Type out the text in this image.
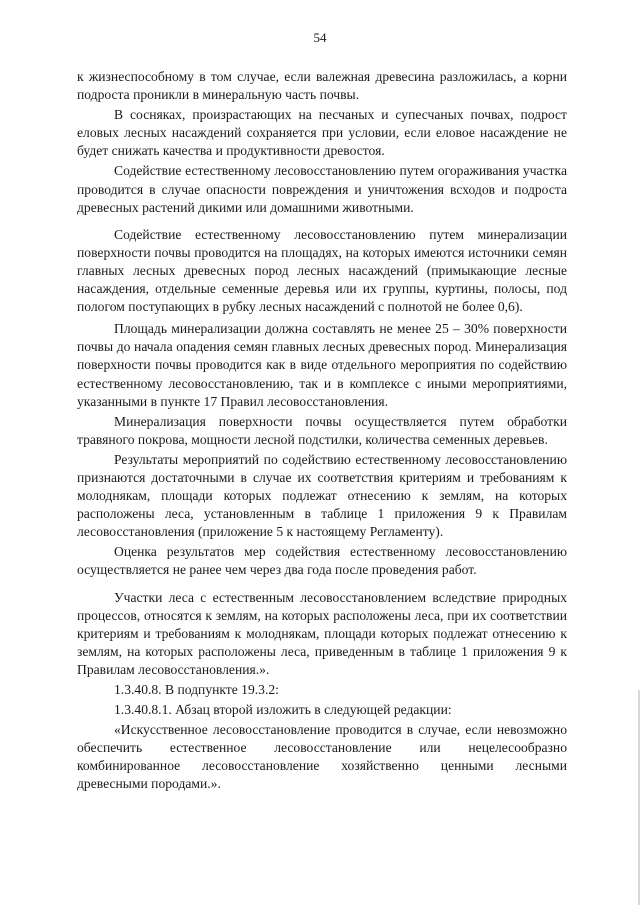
54

к жизнеспособному в том случае, если валежная древесина разложилась, а корни подроста проникли в минеральную часть почвы.

В сосняках, произрастающих на песчаных и супесчаных почвах, подрост еловых лесных насаждений сохраняется при условии, если еловое насаждение не будет снижать качества и продуктивности древостоя.

Содействие естественному лесовосстановлению путем огораживания участка проводится в случае опасности повреждения и уничтожения всходов и подроста древесных растений дикими или домашними животными.

Содействие естественному лесовосстановлению путем минерализации поверхности почвы проводится на площадях, на которых имеются источники семян главных лесных древесных пород лесных насаждений (примыкающие лесные насаждения, отдельные семенные деревья или их группы, куртины, полосы, под пологом поступающих в рубку лесных насаждений с полнотой не более 0,6).

Площадь минерализации должна составлять не менее 25 – 30% поверхности почвы до начала опадения семян главных лесных древесных пород. Минерализация поверхности почвы проводится как в виде отдельного мероприятия по содействию естественному лесовосстановлению, так и в комплексе с иными мероприятиями, указанными в пункте 17 Правил лесовосстановления.

Минерализация поверхности почвы осуществляется путем обработки травяного покрова, мощности лесной подстилки, количества семенных деревьев.

Результаты мероприятий по содействию естественному лесовосстановлению признаются достаточными в случае их соответствия критериям и требованиям к молоднякам, площади которых подлежат отнесению к землям, на которых расположены леса, установленным в таблице 1 приложения 9 к Правилам лесовосстановления (приложение 5 к настоящему Регламенту).

Оценка результатов мер содействия естественному лесовосстановлению осуществляется не ранее чем через два года после проведения работ.

Участки леса с естественным лесовосстановлением вследствие природных процессов, относятся к землям, на которых расположены леса, при их соответствии критериям и требованиям к молоднякам, площади которых подлежат отнесению к землям, на которых расположены леса, приведенным в таблице 1 приложения 9 к Правилам лесовосстановления.».

1.3.40.8. В подпункте 19.3.2:

1.3.40.8.1. Абзац второй изложить в следующей редакции:

«Искусственное лесовосстановление проводится в случае, если невозможно обеспечить естественное лесовосстановление или нецелесообразно комбинированное лесовосстановление хозяйственно ценными лесными древесными породами.».
